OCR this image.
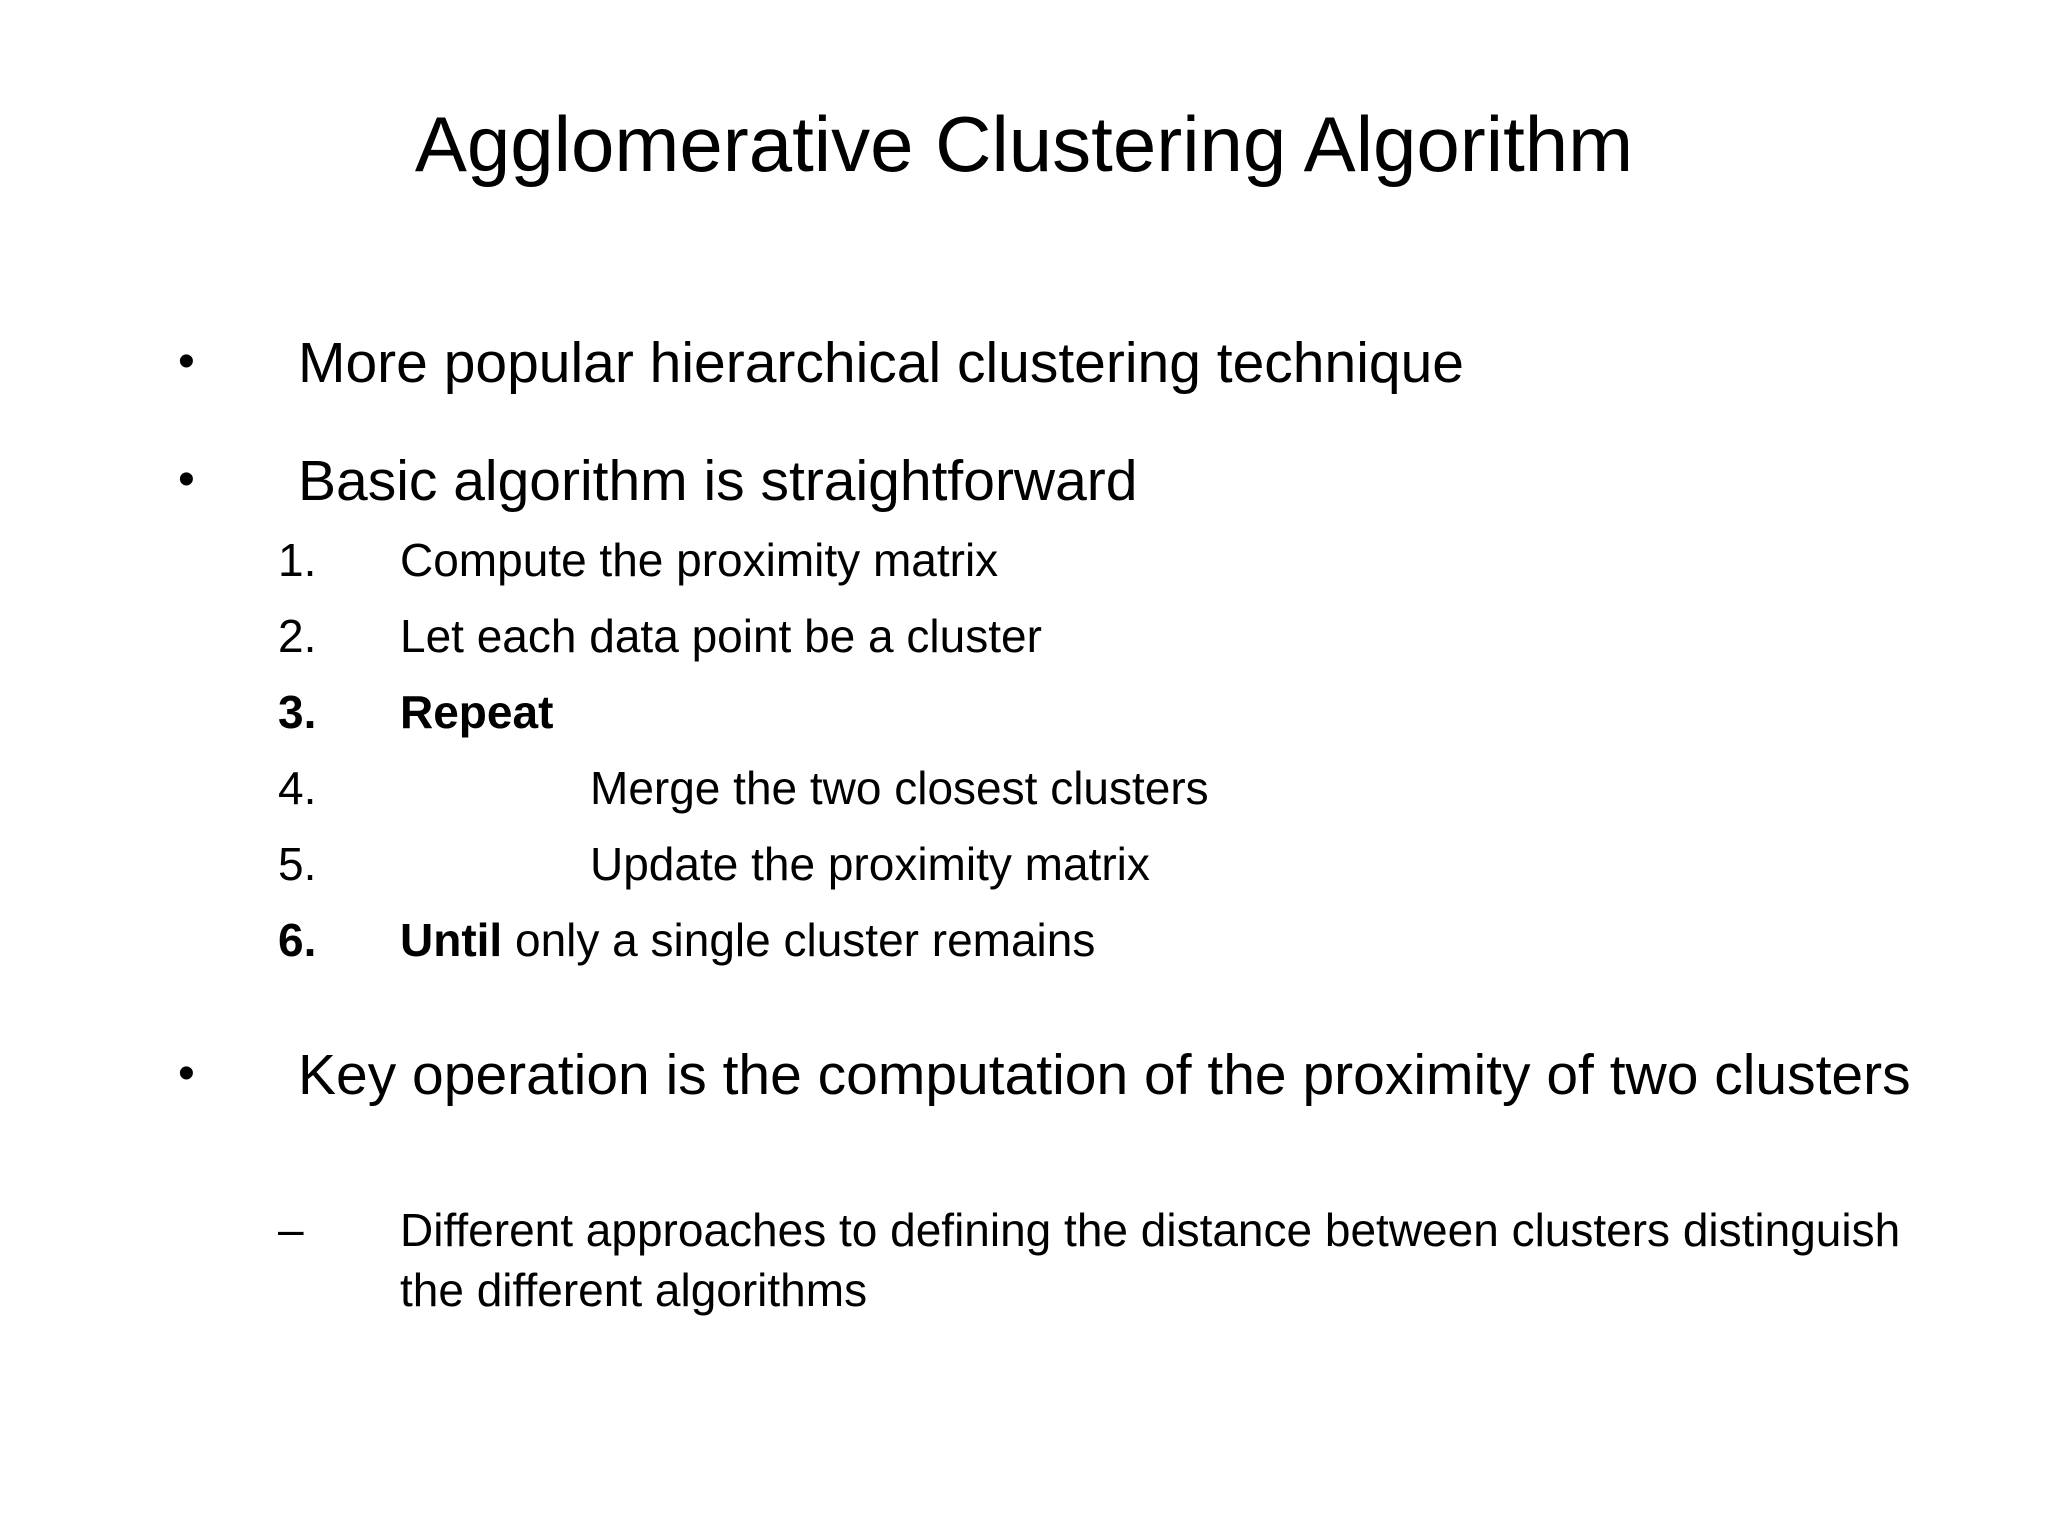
Agglomerative Clustering Algorithm
• More popular hierarchical clustering technique
• Basic algorithm is straightforward
1. Compute the proximity matrix
2. Let each data point be a cluster
3. Repeat
4.	Merge the two closest clusters
5.	Update the proximity matrix
6. Until only a single cluster remains
• Key operation is the computation of the proximity of two clusters
– Different approaches to defining the distance between clusters distinguish the different algorithms
